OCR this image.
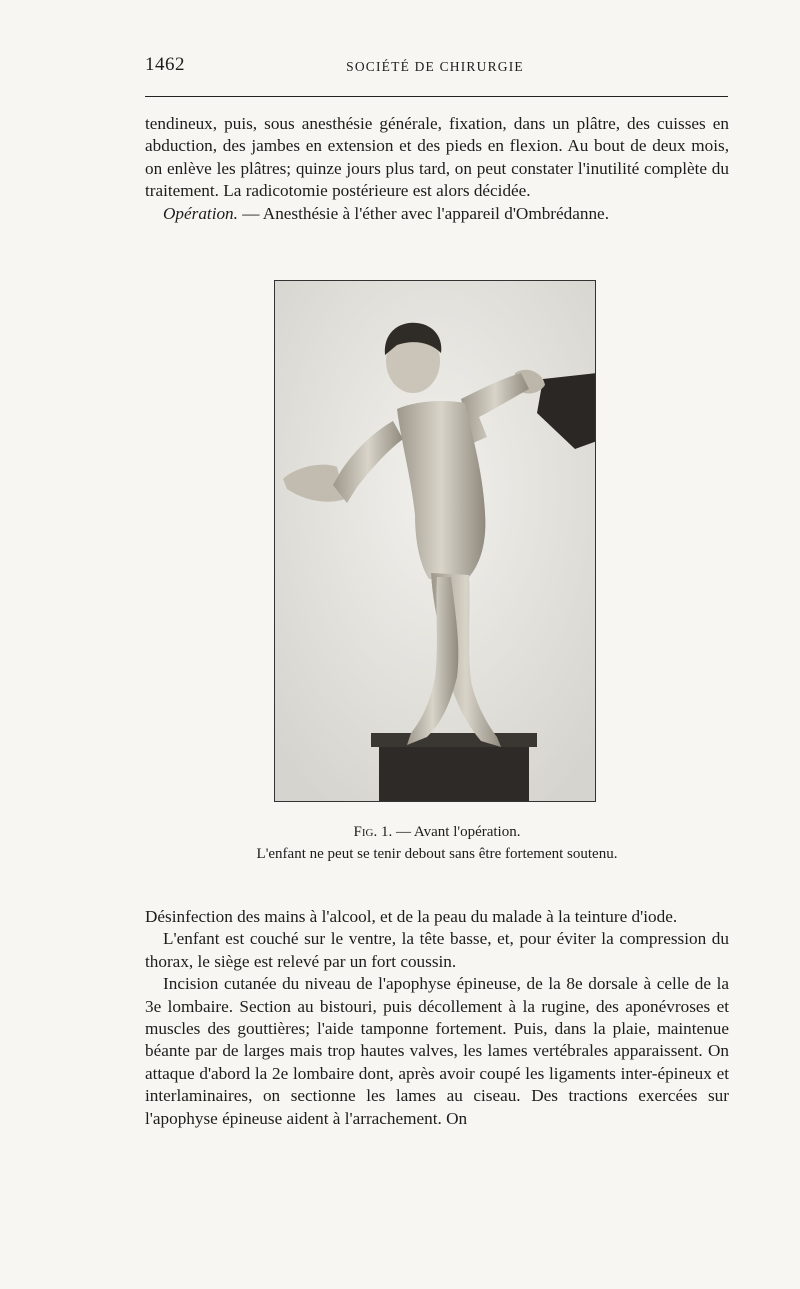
1462	SOCIÉTÉ DE CHIRURGIE

tendineux, puis, sous anesthésie générale, fixation, dans un plâtre, des cuisses en abduction, des jambes en extension et des pieds en flexion. Au bout de deux mois, on enlève les plâtres; quinze jours plus tard, on peut constater l'inutilité complète du traitement. La radicotomie postérieure est alors décidée.

Opération. — Anesthésie à l'éther avec l'appareil d'Ombrédanne.

Fig. 1. — Avant l'opération.
L'enfant ne peut se tenir debout sans être fortement soutenu.

Désinfection des mains à l'alcool, et de la peau du malade à la teinture d'iode.

L'enfant est couché sur le ventre, la tête basse, et, pour éviter la compression du thorax, le siège est relevé par un fort coussin.

Incision cutanée du niveau de l'apophyse épineuse, de la 8e dorsale à celle de la 3e lombaire. Section au bistouri, puis décollement à la rugine, des aponévroses et muscles des gouttières; l'aide tamponne fortement. Puis, dans la plaie, maintenue béante par de larges mais trop hautes valves, les lames vertébrales apparaissent. On attaque d'abord la 2e lombaire dont, après avoir coupé les ligaments inter-épineux et interlaminaires, on sectionne les lames au ciseau. Des tractions exercées sur l'apophyse épineuse aident à l'arrachement. On
